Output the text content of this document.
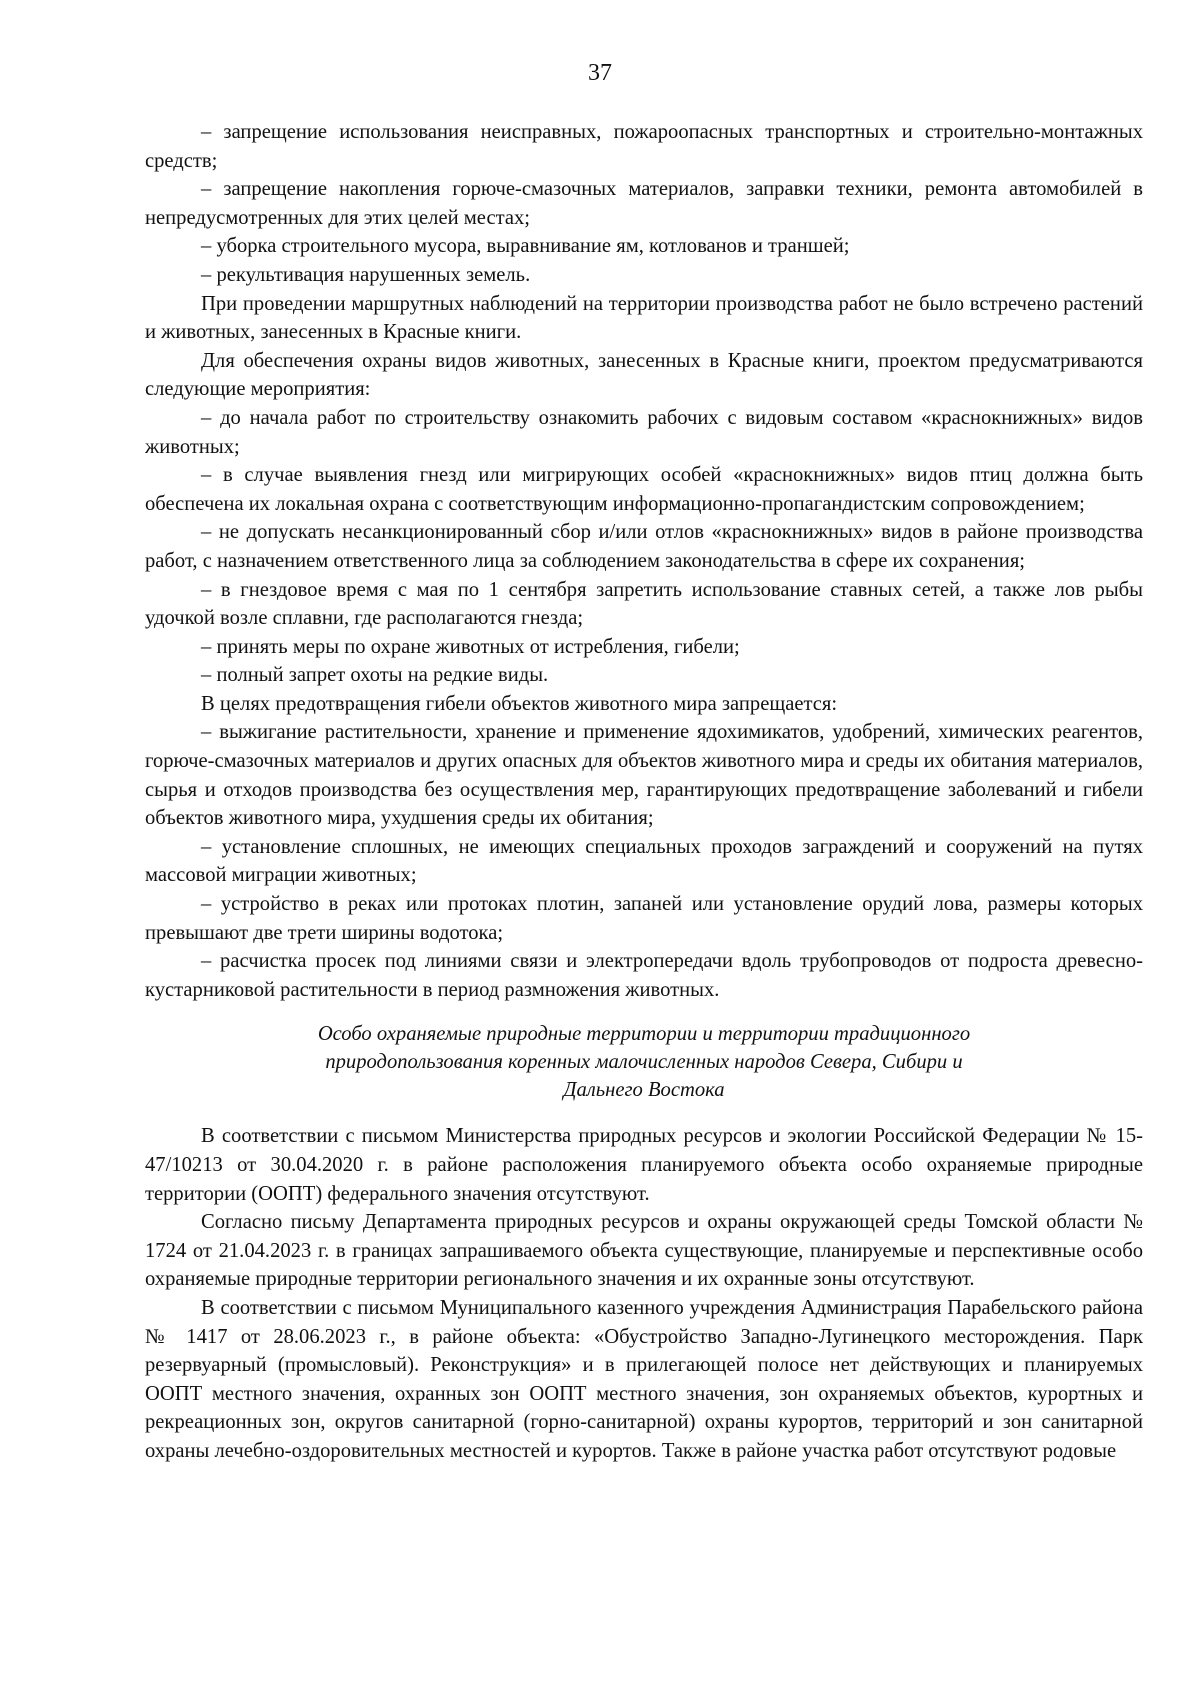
37

– запрещение использования неисправных, пожароопасных транспортных и строительно-монтажных средств;

– запрещение накопления горюче-смазочных материалов, заправки техники, ремонта автомобилей в непредусмотренных для этих целей местах;

– уборка строительного мусора, выравнивание ям, котлованов и траншей;

– рекультивация нарушенных земель.

При проведении маршрутных наблюдений на территории производства работ не было встречено растений и животных, занесенных в Красные книги.

Для обеспечения охраны видов животных, занесенных в Красные книги, проектом предусматриваются следующие мероприятия:

– до начала работ по строительству ознакомить рабочих с видовым составом «краснокнижных» видов животных;

– в случае выявления гнезд или мигрирующих особей «краснокнижных» видов птиц должна быть обеспечена их локальная охрана с соответствующим информационно-пропагандистским сопровождением;

– не допускать несанкционированный сбор и/или отлов «краснокнижных» видов в районе производства работ, с назначением ответственного лица за соблюдением законодательства в сфере их сохранения;

– в гнездовое время с мая по 1 сентября запретить использование ставных сетей, а также лов рыбы удочкой возле сплавни, где располагаются гнезда;

– принять меры по охране животных от истребления, гибели;

– полный запрет охоты на редкие виды.

В целях предотвращения гибели объектов животного мира запрещается:

– выжигание растительности, хранение и применение ядохимикатов, удобрений, химических реагентов, горюче-смазочных материалов и других опасных для объектов животного мира и среды их обитания материалов, сырья и отходов производства без осуществления мер, гарантирующих предотвращение заболеваний и гибели объектов животного мира, ухудшения среды их обитания;

– установление сплошных, не имеющих специальных проходов заграждений и сооружений на путях массовой миграции животных;

– устройство в реках или протоках плотин, запаней или установление орудий лова, размеры которых превышают две трети ширины водотока;

– расчистка просек под линиями связи и электропередачи вдоль трубопроводов от подроста древесно-кустарниковой растительности в период размножения животных.

Особо охраняемые природные территории и территории традиционного
природопользования коренных малочисленных народов Севера, Сибири и
Дальнего Востока

В соответствии с письмом Министерства природных ресурсов и экологии Российской Федерации № 15-47/10213 от 30.04.2020 г. в районе расположения планируемого объекта особо охраняемые природные территории (ООПТ) федерального значения отсутствуют.

Согласно письму Департамента природных ресурсов и охраны окружающей среды Томской области № 1724 от 21.04.2023 г. в границах запрашиваемого объекта существующие, планируемые и перспективные особо охраняемые природные территории регионального значения и их охранные зоны отсутствуют.

В соответствии с письмом Муниципального казенного учреждения Администрация Парабельского района № 1417 от 28.06.2023 г., в районе объекта: «Обустройство Западно-Лугинецкого месторождения. Парк резервуарный (промысловый). Реконструкция» и в прилегающей полосе нет действующих и планируемых ООПТ местного значения, охранных зон ООПТ местного значения, зон охраняемых объектов, курортных и рекреационных зон, округов санитарной (горно-санитарной) охраны курортов, территорий и зон санитарной охраны лечебно-оздоровительных местностей и курортов. Также в районе участка работ отсутствуют родовые
